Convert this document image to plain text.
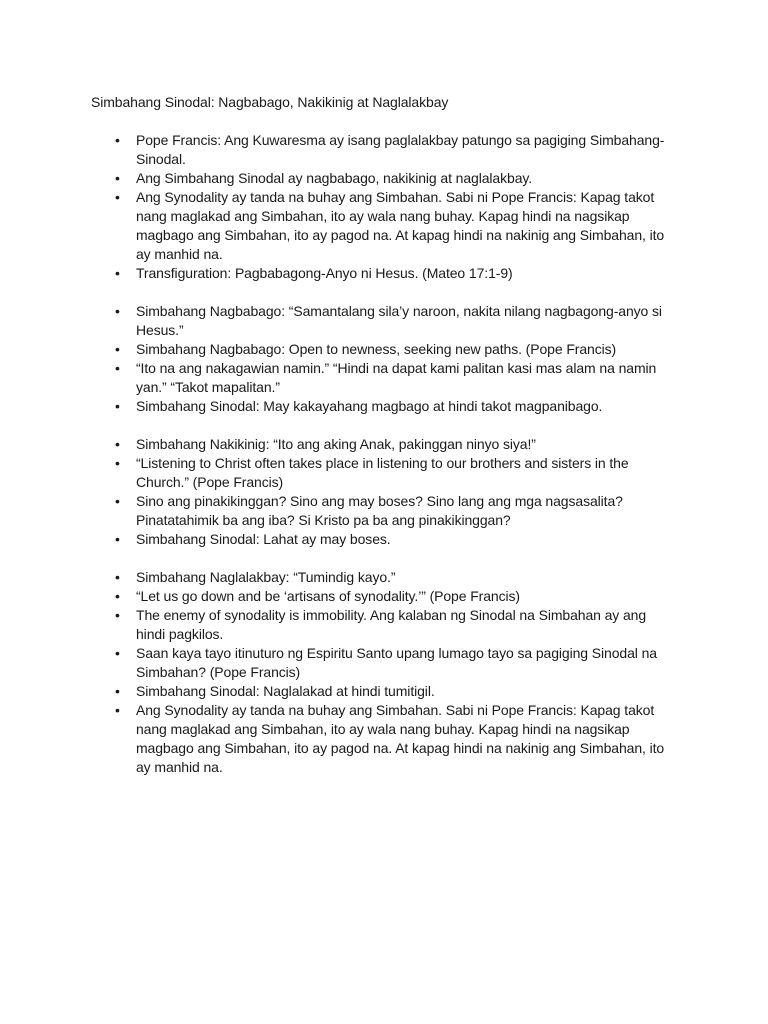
Simbahang Sinodal: Nagbabago, Nakikinig at Naglalakbay

• Pope Francis: Ang Kuwaresma ay isang paglalakbay patungo sa pagiging Simbahang-Sinodal.
• Ang Simbahang Sinodal ay nagbabago, nakikinig at naglalakbay.
• Ang Synodality ay tanda na buhay ang Simbahan. Sabi ni Pope Francis: Kapag takot nang maglakad ang Simbahan, ito ay wala nang buhay. Kapag hindi na nagsikap magbago ang Simbahan, ito ay pagod na. At kapag hindi na nakinig ang Simbahan, ito ay manhid na.
• Transfiguration: Pagbabagong-Anyo ni Hesus. (Mateo 17:1-9)
• Simbahang Nagbabago: “Samantalang sila’y naroon, nakita nilang nagbagong-anyo si Hesus.”
• Simbahang Nagbabago: Open to newness, seeking new paths. (Pope Francis)
• “Ito na ang nakagawian namin.” “Hindi na dapat kami palitan kasi mas alam na namin yan.” “Takot mapalitan.”
• Simbahang Sinodal: May kakayahang magbago at hindi takot magpanibago.
• Simbahang Nakikinig: “Ito ang aking Anak, pakinggan ninyo siya!”
• “Listening to Christ often takes place in listening to our brothers and sisters in the Church.” (Pope Francis)
• Sino ang pinakikinggan? Sino ang may boses? Sino lang ang mga nagsasalita? Pinatatahimik ba ang iba? Si Kristo pa ba ang pinakikinggan?
• Simbahang Sinodal: Lahat ay may boses.
• Simbahang Naglalakbay: “Tumindig kayo.”
• “Let us go down and be ‘artisans of synodality.’” (Pope Francis)
• The enemy of synodality is immobility. Ang kalaban ng Sinodal na Simbahan ay ang hindi pagkilos.
• Saan kaya tayo itinuturo ng Espiritu Santo upang lumago tayo sa pagiging Sinodal na Simbahan? (Pope Francis)
• Simbahang Sinodal: Naglalakad at hindi tumitigil.
• Ang Synodality ay tanda na buhay ang Simbahan. Sabi ni Pope Francis: Kapag takot nang maglakad ang Simbahan, ito ay wala nang buhay. Kapag hindi na nagsikap magbago ang Simbahan, ito ay pagod na. At kapag hindi na nakinig ang Simbahan, ito ay manhid na.
